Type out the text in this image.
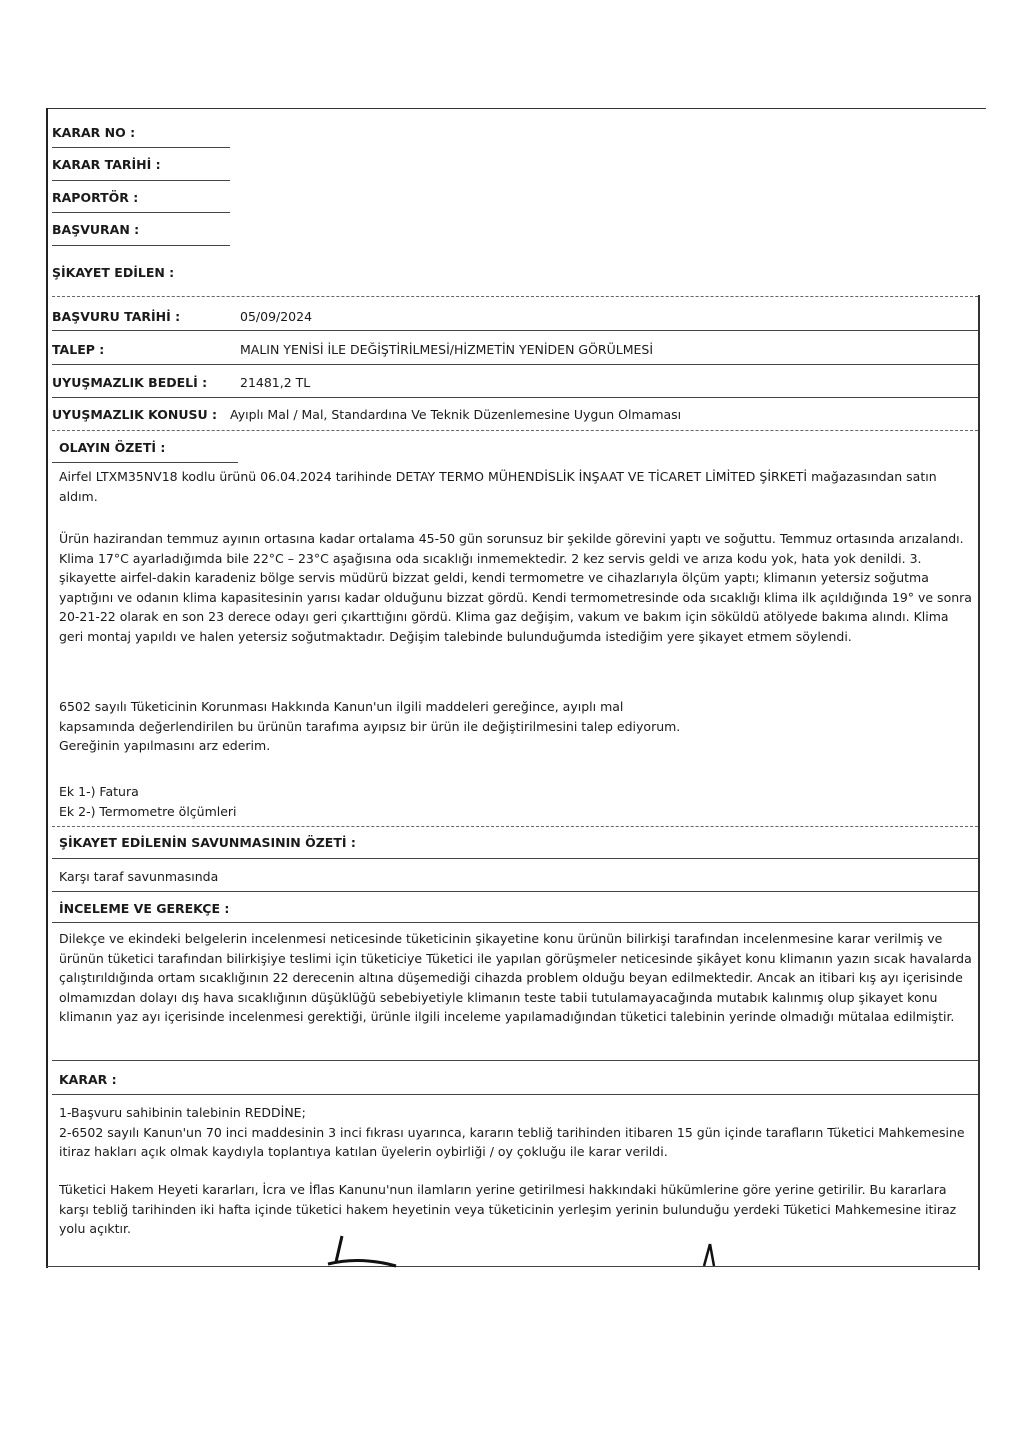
KARAR NO :
KARAR TARİHİ :
RAPORTÖR :
BAŞVURAN :
ŞİKAYET EDİLEN :
BAŞVURU TARİHİ :	05/09/2024
TALEP :	MALIN YENİSİ İLE DEĞİŞTİRİLMESİ/HİZMETİN YENİDEN GÖRÜLMESİ
UYUŞMAZLIK BEDELİ :	21481,2 TL
UYUŞMAZLIK KONUSU : Ayıplı Mal / Mal, Standardına Ve Teknik Düzenlemesine Uygun Olmaması
OLAYIN ÖZETİ :

Airfel LTXM35NV18 kodlu ürünü 06.04.2024 tarihinde DETAY TERMO MÜHENDİSLİK İNŞAAT VE TİCARET LİMİTED ŞİRKETİ mağazasından satın aldım.

Ürün hazirandan temmuz ayının ortasına kadar ortalama 45-50 gün sorunsuz bir şekilde görevini yaptı ve soğuttu. Temmuz ortasında arızalandı. Klima 17°C ayarladığımda bile 22°C – 23°C aşağısına oda sıcaklığı inmemektedir. 2 kez servis geldi ve arıza kodu yok, hata yok denildi. 3. şikayette airfel-dakin karadeniz bölge servis müdürü bizzat geldi, kendi termometre ve cihazlarıyla ölçüm yaptı; klimanın yetersiz soğutma yaptığını ve odanın klima kapasitesinin yarısı kadar olduğunu bizzat gördü. Kendi termometresinde oda sıcaklığı klima ilk açıldığında 19° ve sonra 20-21-22 olarak en son 23 derece odayı geri çıkarttığını gördü. Klima gaz değişim, vakum ve bakım için söküldü atölyede bakıma alındı. Klima geri montaj yapıldı ve halen yetersiz soğutmaktadır. Değişim talebinde bulunduğumda istediğim yere şikayet etmem söylendi.

6502 sayılı Tüketicinin Korunması Hakkında Kanun'un ilgili maddeleri gereğince, ayıplı mal

kapsamında değerlendirilen bu ürünün tarafıma ayıpsız bir ürün ile değiştirilmesini talep ediyorum.

Gereğinin yapılmasını arz ederim.

Ek 1-) Fatura

Ek 2-) Termometre ölçümleri

ŞİKAYET EDİLENİN SAVUNMASININ ÖZETİ :
Karşı taraf savunmasında
İNCELEME VE GEREKÇE :
Dilekçe ve ekindeki belgelerin incelenmesi neticesinde tüketicinin şikayetine konu ürünün bilirkişi tarafından incelenmesine karar verilmiş ve ürünün tüketici tarafından bilirkişiye teslimi için tüketiciye Tüketici ile yapılan görüşmeler neticesinde şikâyet konu klimanın yazın sıcak havalarda çalıştırıldığında ortam sıcaklığının 22 derecenin altına düşemediği cihazda problem olduğu beyan edilmektedir. Ancak an itibari kış ayı içerisinde olmamızdan dolayı dış hava sıcaklığının düşüklüğü sebebiyetiyle klimanın teste tabii tutulamayacağında mutabık kalınmış olup şikayet konu klimanın yaz ayı içerisinde incelenmesi gerektiği, ürünle ilgili inceleme yapılamadığından tüketici talebinin yerinde olmadığı mütalaa edilmiştir.
KARAR :

1-Başvuru sahibinin talebinin REDDİNE;

2-6502 sayılı Kanun'un 70 inci maddesinin 3 inci fıkrası uyarınca, kararın tebliğ tarihinden itibaren 15 gün içinde tarafların Tüketici Mahkemesine itiraz hakları açık olmak kaydıyla toplantıya katılan üyelerin oybirliği / oy çokluğu ile karar verildi.

Tüketici Hakem Heyeti kararları, İcra ve İflas Kanunu'nun ilamların yerine getirilmesi hakkındaki hükümlerine göre yerine getirilir. Bu kararlara karşı tebliğ tarihinden iki hafta içinde tüketici hakem heyetinin veya tüketicinin yerleşim yerinin bulunduğu yerdeki Tüketici Mahkemesine itiraz yolu açıktır.
